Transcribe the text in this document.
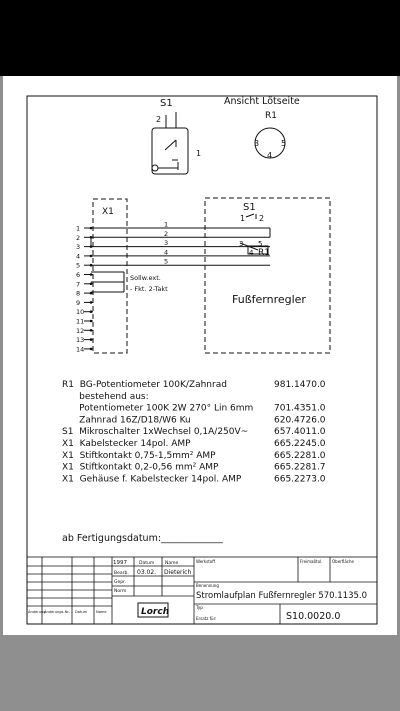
S1
2
1
Ansicht Lötseite
R1
3	5
4
X1
1
2
3
4
5
6
7
8
9
10
11
12
13
14
1
2
3
4
5
Sollw.ext.
- Fkt. 2-Takt
S1
1 2
3 5
4 R1
Fußfernregler
R1  BG-Potentiometer 100K/Zahnrad	981.1470.0
bestehend aus:
Potentiometer 100K 2W 270° Lin 6mm 701.4351.0
Zahnrad 16Z/D18/W6 Ku	620.4726.0
S1  Mikroschalter 1xWechsel 0,1A/250V~	657.4011.0
X1  Kabelstecker 14pol. AMP	665.2245.0
X1  Stiftkontakt 0,75-1,5mm² AMP	665.2281.0
X1  Stiftkontakt 0,2-0,56 mm² AMP	665.2281.7
X1  Gehäuse f. Kabelstecker 14pol. AMP	665.2273.0
ab Fertigungsdatum:_____________
1997	Datum Name
Bearb. 03.02. Dieterich
Gepr.
Norm
Werkstoff	Freimaßtol. Oberfläche
Benennung
Stromlaufplan Fußfernregler 570.1135.0
Typ
Ersatz für:	S10.0020.0
Lorch
Änderung
Änderungs-Nr. Datum Name
